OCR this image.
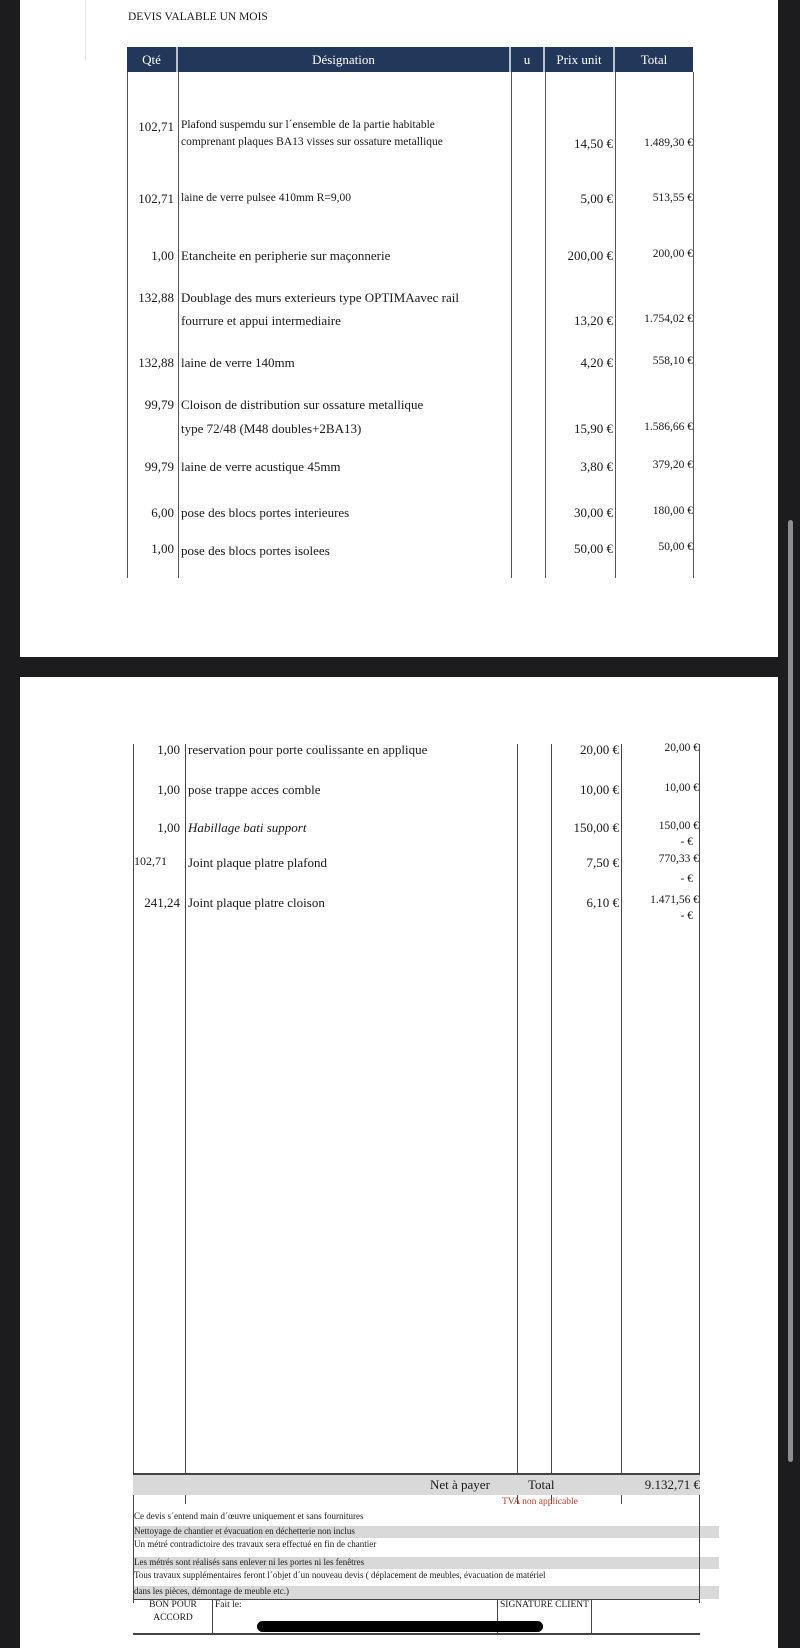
DEVIS VALABLE UN MOIS
Qté	Désignation	u	Prix unit	Total
102,71 Plafond suspemdu sur l´ensemble de la partie habitable
comprenant plaques BA13 visses sur ossature metallique	14,50 €	1.489,30 €
102,71 laine de verre pulsee 410mm R=9,00	5,00 €	513,55 €
1,00 Etancheite en peripherie sur maçonnerie	200,00 €	200,00 €
132,88 Doublage des murs exterieurs type OPTIMAavec rail
fourrure et appui intermediaire	13,20 €	1.754,02 €
132,88 laine de verre 140mm	4,20 €	558,10 €
99,79 Cloison de distribution sur ossature metallique
type 72/48 (M48 doubles+2BA13)	15,90 €	1.586,66 €
99,79 laine de verre acustique 45mm	3,80 €	379,20 €
6,00 pose des blocs portes interieures	30,00 €	180,00 €
1,00 pose des blocs portes isolees	50,00 €	50,00 €
1,00 reservation pour porte coulissante en applique	20,00 €	20,00 €
1,00 pose trappe acces comble	10,00 €	10,00 €
1,00 Habillage bati support	150,00 €	150,00 €
- €
102,71 Joint plaque platre plafond	7,50 €	770,33 €
- €
241,24 Joint plaque platre cloison	6,10 €	1.471,56 €
- €
Net à payer	Total	9.132,71 €
TVA non applicable
Ce devis s´entend main d´œuvre uniquement et sans fournitures
Nettoyage de chantier et évacuation en déchetterie non inclus
Un métré contradictoire des travaux sera effectué en fin de chantier
Les métrés sont réalisés sans enlever ni les portes ni les fenêtres
Tous travaux supplémentaires feront l´objet d´un nouveau devis ( déplacement de meubles, évacuation de matériel
dans les pièces, démontage de meuble etc.)
BON POUR
ACCORD
Fait le:	SIGNATURE CLIENT
